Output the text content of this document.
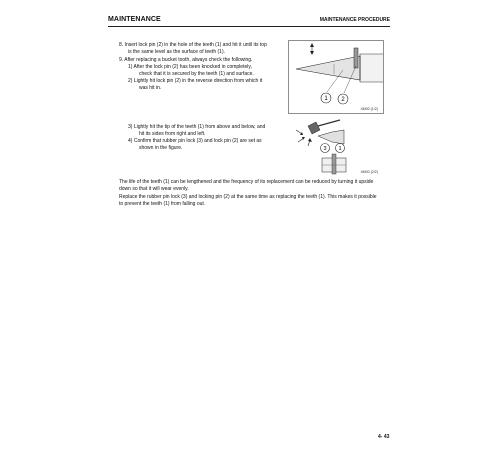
MAINTENANCE	MAINTENANCE PROCEDURE
8. Insert lock pin (2) in the hole of the teeth (1) and hit it until its top
is the same level as the surface of teeth (1).
9. After replacing a bucket tooth, always check the following.
1) After the lock pin (2) has been knocked in completely,
check that it is secured by the teeth (1) and surface.
2) Lightly hit lock pin (2) in the reverse direction from which it
was hit in.
3) Lightly hit the tip of the teeth (1) from above and below, and
hit its sides from right and left.
4) Confirm that rubber pin lock (3) and lock pin (2) are set as
shown in the figure.
1 2
4M00 (1/2)
3 1
4M00 (2/2)
The life of the teeth (1) can be lengthened and the frequency of its replacement can be reduced by turning it upside
down so that it will wear evenly.
Replace the rubber pin lock (3) and locking pin (2) at the same time as replacing the teeth (1). This makes it possible
to prevent the teeth (1) from falling out.
4- 43
